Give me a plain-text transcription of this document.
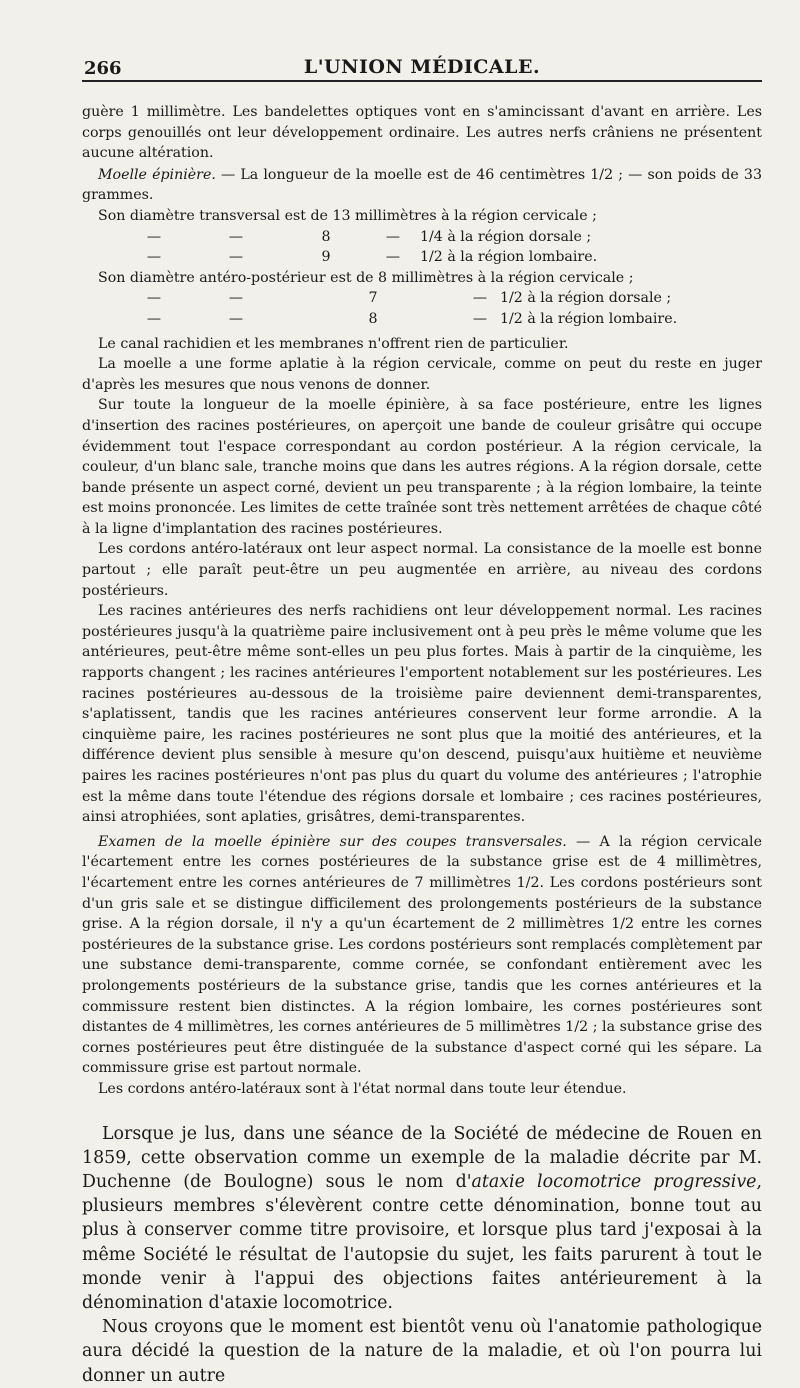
266	L'UNION MÉDICALE.

guère 1 millimètre. Les bandelettes optiques vont en s'amincissant d'avant en arrière. Les corps genouillés ont leur développement ordinaire. Les autres nerfs crâniens ne présentent aucune altération.

Moelle épinière. — La longueur de la moelle est de 46 centimètres 1/2 ; — son poids de 33 grammes.

Son diamètre transversal est de 13 millimètres à la région cervicale ;

—	—	8	—	1/4 à la région dorsale ;
—	—	9	—	1/2 à la région lombaire.

Son diamètre antéro-postérieur est de 8 millimètres à la région cervicale ;

—	—	7	— 1/2 à la région dorsale ;
—	—	8	— 1/2 à la région lombaire.

Le canal rachidien et les membranes n'offrent rien de particulier.

La moelle a une forme aplatie à la région cervicale, comme on peut du reste en juger d'après les mesures que nous venons de donner.

Sur toute la longueur de la moelle épinière, à sa face postérieure, entre les lignes d'insertion des racines postérieures, on aperçoit une bande de couleur grisâtre qui occupe évidemment tout l'espace correspondant au cordon postérieur. A la région cervicale, la couleur, d'un blanc sale, tranche moins que dans les autres régions. A la région dorsale, cette bande présente un aspect corné, devient un peu transparente ; à la région lombaire, la teinte est moins prononcée. Les limites de cette traînée sont très nettement arrêtées de chaque côté à la ligne d'implantation des racines postérieures.

Les cordons antéro-latéraux ont leur aspect normal. La consistance de la moelle est bonne partout ; elle paraît peut-être un peu augmentée en arrière, au niveau des cordons postérieurs.

Les racines antérieures des nerfs rachidiens ont leur développement normal. Les racines postérieures jusqu'à la quatrième paire inclusivement ont à peu près le même volume que les antérieures, peut-être même sont-elles un peu plus fortes. Mais à partir de la cinquième, les rapports changent ; les racines antérieures l'emportent notablement sur les postérieures. Les racines postérieures au-dessous de la troisième paire deviennent demi-transparentes, s'aplatissent, tandis que les racines antérieures conservent leur forme arrondie. A la cinquième paire, les racines postérieures ne sont plus que la moitié des antérieures, et la différence devient plus sensible à mesure qu'on descend, puisqu'aux huitième et neuvième paires les racines postérieures n'ont pas plus du quart du volume des antérieures ; l'atrophie est la même dans toute l'étendue des régions dorsale et lombaire ; ces racines postérieures, ainsi atrophiées, sont aplaties, grisâtres, demi-transparentes.

Examen de la moelle épinière sur des coupes transversales. — A la région cervicale l'écartement entre les cornes postérieures de la substance grise est de 4 millimètres, l'écartement entre les cornes antérieures de 7 millimètres 1/2. Les cordons postérieurs sont d'un gris sale et se distingue difficilement des prolongements postérieurs de la substance grise. A la région dorsale, il n'y a qu'un écartement de 2 millimètres 1/2 entre les cornes postérieures de la substance grise. Les cordons postérieurs sont remplacés complètement par une substance demi-transparente, comme cornée, se confondant entièrement avec les prolongements postérieurs de la substance grise, tandis que les cornes antérieures et la commissure restent bien distinctes. A la région lombaire, les cornes postérieures sont distantes de 4 millimètres, les cornes antérieures de 5 millimètres 1/2 ; la substance grise des cornes postérieures peut être distinguée de la substance d'aspect corné qui les sépare. La commissure grise est partout normale.

Les cordons antéro-latéraux sont à l'état normal dans toute leur étendue.

Lorsque je lus, dans une séance de la Société de médecine de Rouen en 1859, cette observation comme un exemple de la maladie décrite par M. Duchenne (de Boulogne) sous le nom d'ataxie locomotrice progressive, plusieurs membres s'élevèrent contre cette dénomination, bonne tout au plus à conserver comme titre provisoire, et lorsque plus tard j'exposai à la même Société le résultat de l'autopsie du sujet, les faits parurent à tout le monde venir à l'appui des objections faites antérieurement à la dénomination d'ataxie locomotrice.

Nous croyons que le moment est bientôt venu où l'anatomie pathologique aura décidé la question de la nature de la maladie, et où l'on pourra lui donner un autre
